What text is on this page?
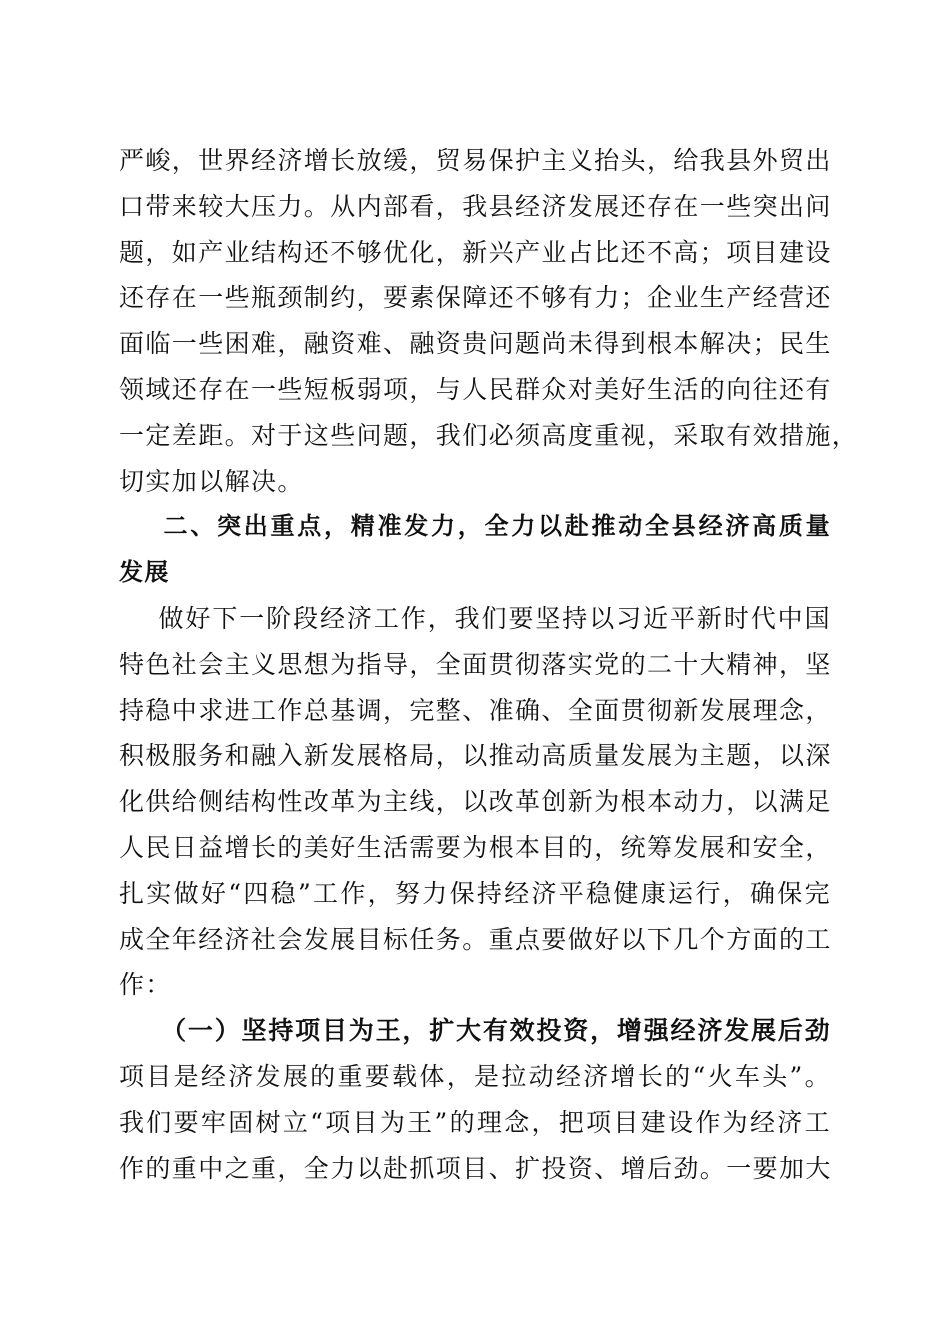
严峻，世界经济增长放缓，贸易保护主义抬头，给我县外贸出
口带来较大压力。从内部看，我县经济发展还存在一些突出问
题，如产业结构还不够优化，新兴产业占比还不高；项目建设
还存在一些瓶颈制约，要素保障还不够有力；企业生产经营还
面临一些困难，融资难、融资贵问题尚未得到根本解决；民生
领域还存在一些短板弱项，与人民群众对美好生活的向往还有
一定差距。对于这些问题，我们必须高度重视，采取有效措施，
切实加以解决。
二、突出重点，精准发力，全力以赴推动全县经济高质量
发展
做好下一阶段经济工作，我们要坚持以习近平新时代中国
特色社会主义思想为指导，全面贯彻落实党的二十大精神，坚
持稳中求进工作总基调，完整、准确、全面贯彻新发展理念，
积极服务和融入新发展格局，以推动高质量发展为主题，以深
化供给侧结构性改革为主线，以改革创新为根本动力，以满足
人民日益增长的美好生活需要为根本目的，统筹发展和安全，
扎实做好“四稳”工作，努力保持经济平稳健康运行，确保完
成全年经济社会发展目标任务。重点要做好以下几个方面的工
作：
（一）坚持项目为王，扩大有效投资，增强经济发展后劲
项目是经济发展的重要载体，是拉动经济增长的“火车头”。
我们要牢固树立“项目为王”的理念，把项目建设作为经济工
作的重中之重，全力以赴抓项目、扩投资、增后劲。一要加大
